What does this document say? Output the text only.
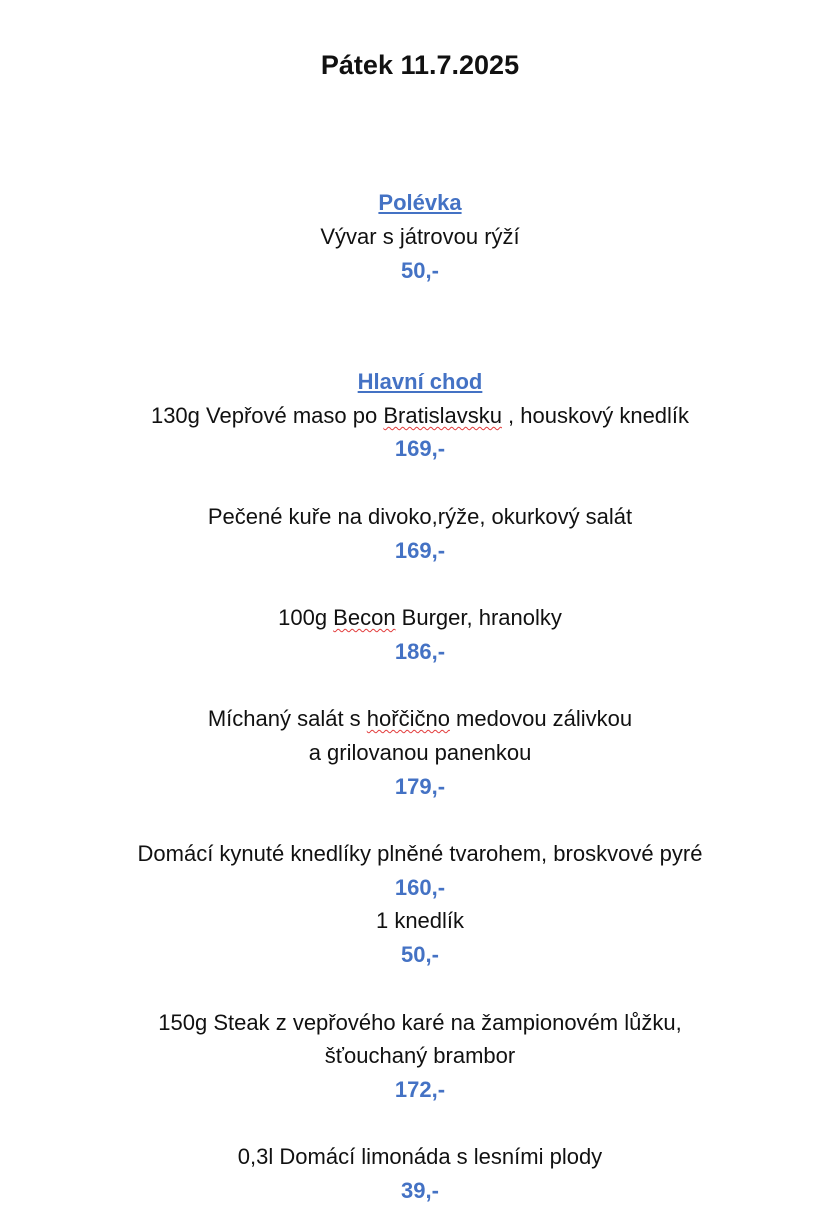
Pátek 11.7.2025
Polévka
Vývar s játrovou rýží
50,-
Hlavní chod
130g Vepřové maso po Bratislavsku , houskový knedlík
169,-
Pečené kuře na divoko,rýže, okurkový salát
169,-
100g Becon Burger, hranolky
186,-
Míchaný salát s hořčično medovou zálivkou
a grilovanou panenkou
179,-
Domácí kynuté knedlíky plněné tvarohem, broskvové pyré
160,-
1 knedlík
50,-
150g Steak z vepřového karé na žampionovém lůžku,
šťouchaný brambor
172,-
0,3l Domácí limonáda s lesními plody
39,-
